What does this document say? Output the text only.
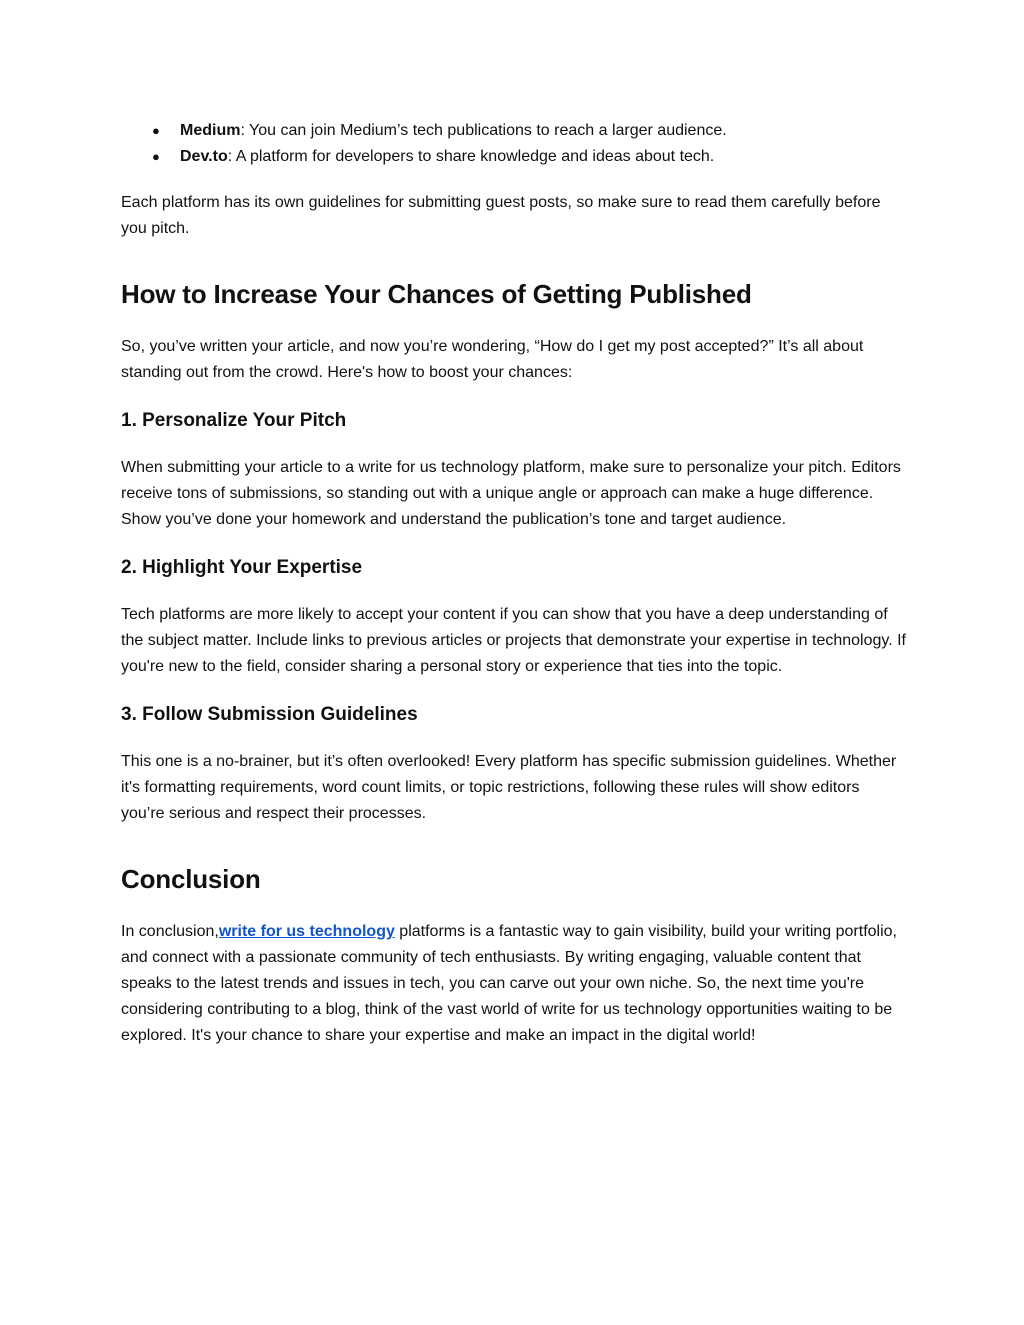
● Medium: You can join Medium’s tech publications to reach a larger audience.
● Dev.to: A platform for developers to share knowledge and ideas about tech.

Each platform has its own guidelines for submitting guest posts, so make sure to read them carefully before you pitch.

How to Increase Your Chances of Getting Published

So, you’ve written your article, and now you’re wondering, “How do I get my post accepted?” It’s all about standing out from the crowd. Here's how to boost your chances:

1. Personalize Your Pitch

When submitting your article to a write for us technology platform, make sure to personalize your pitch. Editors receive tons of submissions, so standing out with a unique angle or approach can make a huge difference. Show you’ve done your homework and understand the publication’s tone and target audience.

2. Highlight Your Expertise

Tech platforms are more likely to accept your content if you can show that you have a deep understanding of the subject matter. Include links to previous articles or projects that demonstrate your expertise in technology. If you're new to the field, consider sharing a personal story or experience that ties into the topic.

3. Follow Submission Guidelines

This one is a no-brainer, but it’s often overlooked! Every platform has specific submission guidelines. Whether it's formatting requirements, word count limits, or topic restrictions, following these rules will show editors you’re serious and respect their processes.

Conclusion

In conclusion,write for us technology platforms is a fantastic way to gain visibility, build your writing portfolio, and connect with a passionate community of tech enthusiasts. By writing engaging, valuable content that speaks to the latest trends and issues in tech, you can carve out your own niche. So, the next time you're considering contributing to a blog, think of the vast world of write for us technology opportunities waiting to be explored. It's your chance to share your expertise and make an impact in the digital world!
